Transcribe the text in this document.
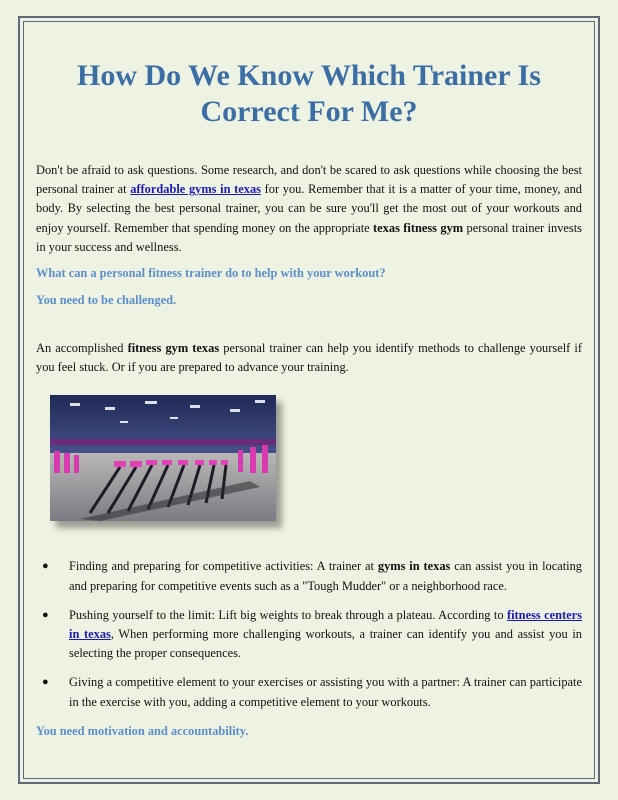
How Do We Know Which Trainer Is Correct For Me?

Don't be afraid to ask questions. Some research, and don't be scared to ask questions while choosing the best personal trainer at affordable gyms in texas for you. Remember that it is a matter of your time, money, and body. By selecting the best personal trainer, you can be sure you'll get the most out of your workouts and enjoy yourself. Remember that spending money on the appropriate texas fitness gym personal trainer invests in your success and wellness.

What can a personal fitness trainer do to help with your workout?

You need to be challenged.

An accomplished fitness gym texas personal trainer can help you identify methods to challenge yourself if you feel stuck. Or if you are prepared to advance your training.

● Finding and preparing for competitive activities: A trainer at gyms in texas can assist you in locating and preparing for competitive events such as a "Tough Mudder" or a neighborhood race.
● Pushing yourself to the limit: Lift big weights to break through a plateau. According to fitness centers in texas, When performing more challenging workouts, a trainer can identify you and assist you in selecting the proper consequences.
● Giving a competitive element to your exercises or assisting you with a partner: A trainer can participate in the exercise with you, adding a competitive element to your workouts.

You need motivation and accountability.
